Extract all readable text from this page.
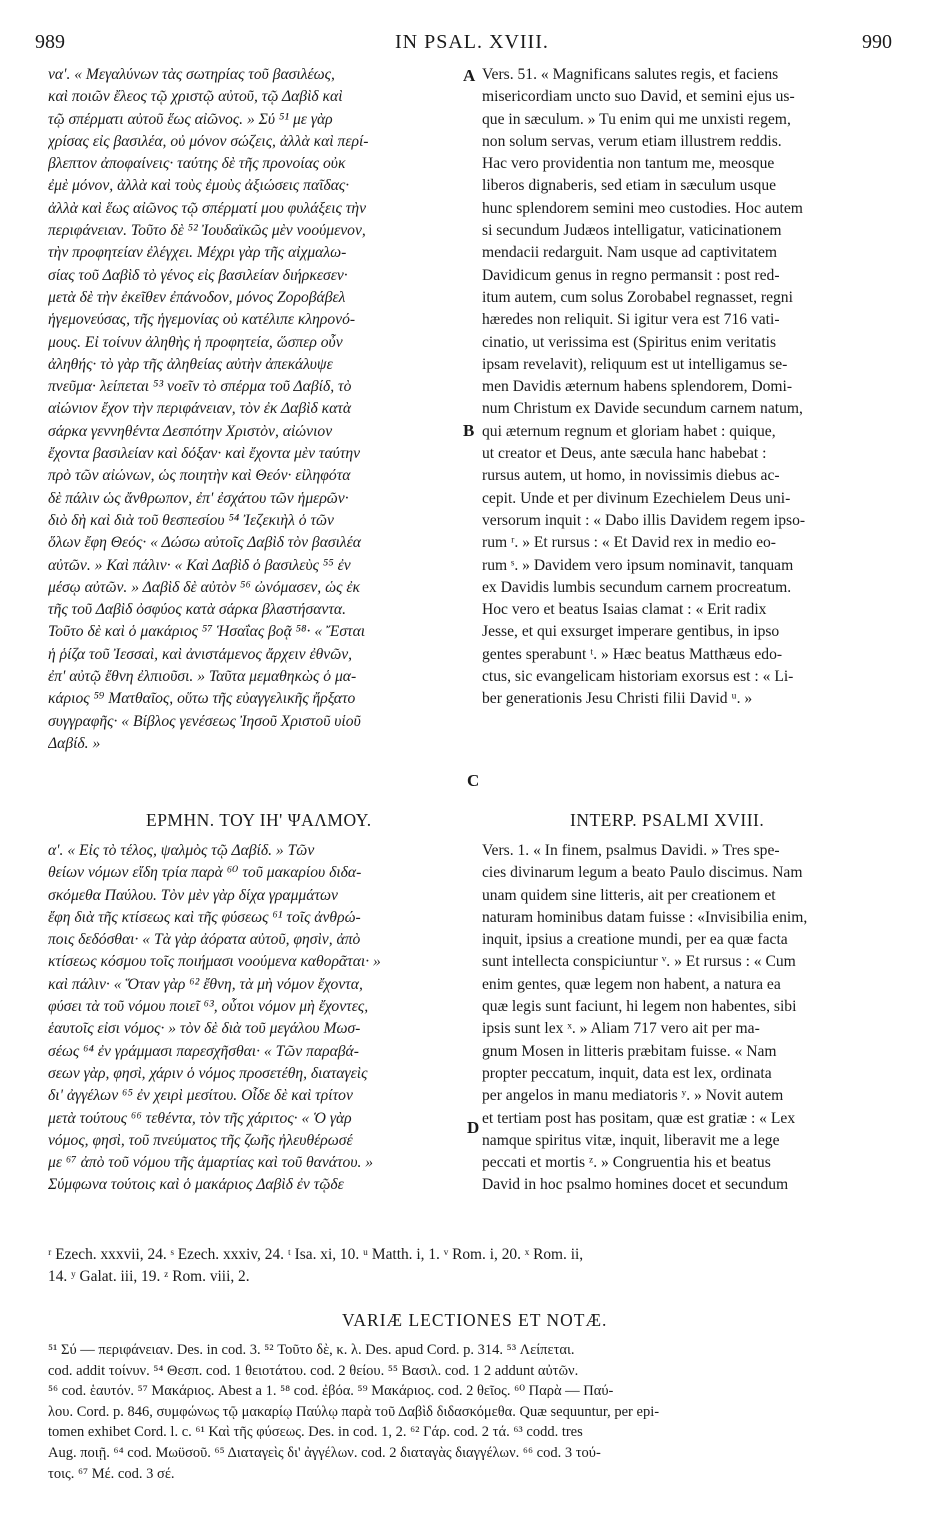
989	IN PSAL. XVIII.	990
A
B
C
D
να'. « Μεγαλύνων τὰς σωτηρίας τοῦ βασιλέως,
καὶ ποιῶν ἔλεος τῷ χριστῷ αὐτοῦ, τῷ Δαβὶδ καὶ
τῷ σπέρματι αὐτοῦ ἕως αἰῶνος. » Σύ ⁵¹ με γὰρ
χρίσας εἰς βασιλέα, οὐ μόνον σώζεις, ἀλλὰ καὶ περί-
βλεπτον ἀποφαίνεις· ταύτης δὲ τῆς προνοίας οὐκ
ἐμὲ μόνον, ἀλλὰ καὶ τοὺς ἐμοὺς ἀξιώσεις παῖδας·
ἀλλὰ καὶ ἕως αἰῶνος τῷ σπέρματί μου φυλάξεις τὴν
περιφάνειαν. Τοῦτο δὲ ⁵² Ἰουδαϊκῶς μὲν νοούμενον,
τὴν προφητείαν ἐλέγχει. Μέχρι γὰρ τῆς αἰχμαλω-
σίας τοῦ Δαβὶδ τὸ γένος εἰς βασιλείαν διήρκεσεν·
μετὰ δὲ τὴν ἐκεῖθεν ἐπάνοδον, μόνος Ζοροβάβελ
ἡγεμονεύσας, τῆς ἡγεμονίας οὐ κατέλιπε κληρονό-
μους. Εἰ τοίνυν ἀληθὴς ἡ προφητεία, ὥσπερ οὖν
ἀληθής· τὸ γὰρ τῆς ἀληθείας αὐτὴν ἀπεκάλυψε
πνεῦμα· λείπεται ⁵³ νοεῖν τὸ σπέρμα τοῦ Δαβίδ, τὸ
αἰώνιον ἔχον τὴν περιφάνειαν, τὸν ἐκ Δαβὶδ κατὰ
σάρκα γεννηθέντα Δεσπότην Χριστὸν, αἰώνιον
ἔχοντα βασιλείαν καὶ δόξαν· καὶ ἔχοντα μὲν ταύτην
πρὸ τῶν αἰώνων, ὡς ποιητὴν καὶ Θεόν· εἰληφότα
δὲ πάλιν ὡς ἄνθρωπον, ἐπ' ἐσχάτου τῶν ἡμερῶν·
διὸ δὴ καὶ διὰ τοῦ θεσπεσίου ⁵⁴ Ἰεζεκιὴλ ὁ τῶν
ὅλων ἔφη Θεός· « Δώσω αὐτοῖς Δαβὶδ τὸν βασιλέα
αὐτῶν. » Καὶ πάλιν· « Καὶ Δαβὶδ ὁ βασιλεὺς ⁵⁵ ἐν
μέσῳ αὐτῶν. » Δαβὶδ δὲ αὐτὸν ⁵⁶ ὠνόμασεν, ὡς ἐκ
τῆς τοῦ Δαβὶδ ὀσφύος κατὰ σάρκα βλαστήσαντα.
Τοῦτο δὲ καὶ ὁ μακάριος ⁵⁷ Ἡσαΐας βοᾷ ⁵⁸· « Ἔσται
ἡ ῥίζα τοῦ Ἰεσσαὶ, καὶ ἀνιστάμενος ἄρχειν ἐθνῶν,
ἐπ' αὐτῷ ἔθνη ἐλπιοῦσι. » Ταῦτα μεμαθηκὼς ὁ μα-
κάριος ⁵⁹ Ματθαῖος, οὕτω τῆς εὐαγγελικῆς ἤρξατο
συγγραφῆς· « Βίβλος γενέσεως Ἰησοῦ Χριστοῦ υἱοῦ
Δαβίδ. »
Vers. 51. « Magnificans salutes regis, et faciens
misericordiam uncto suo David, et semini ejus us-
que in sæculum. » Tu enim qui me unxisti regem,
non solum servas, verum etiam illustrem reddis.
Hac vero providentia non tantum me, meosque
liberos dignaberis, sed etiam in sæculum usque
hunc splendorem semini meo custodies. Hoc autem
si secundum Judæos intelligatur, vaticinationem
mendacii redarguit. Nam usque ad captivitatem
Davidicum genus in regno permansit : post red-
itum autem, cum solus Zorobabel regnasset, regni
hæredes non reliquit. Si igitur vera est 716 vati-
cinatio, ut verissima est (Spiritus enim veritatis
ipsam revelavit), reliquum est ut intelligamus se-
men Davidis æternum habens splendorem, Domi-
num Christum ex Davide secundum carnem natum,
qui æternum regnum et gloriam habet : quique,
ut creator et Deus, ante sæcula hanc habebat :
rursus autem, ut homo, in novissimis diebus ac-
cepit. Unde et per divinum Ezechielem Deus uni-
versorum inquit : « Dabo illis Davidem regem ipso-
rum ʳ. » Et rursus : « Et David rex in medio eo-
rum ˢ. » Davidem vero ipsum nominavit, tanquam
ex Davidis lumbis secundum carnem procreatum.
Hoc vero et beatus Isaias clamat : « Erit radix
Jesse, et qui exsurget imperare gentibus, in ipso
gentes sperabunt ᵗ. » Hæc beatus Matthæus edo-
ctus, sic evangelicam historiam exorsus est : « Li-
ber generationis Jesu Christi filii David ᵘ. »
ΕΡΜΗΝ. ΤΟΥ ΙΗ' ΨΑΛΜΟΥ.	INTERP. PSALMI XVIII.
α'. « Εἰς τὸ τέλος, ψαλμὸς τῷ Δαβίδ. » Τῶν
θείων νόμων εἴδη τρία παρὰ ⁶⁰ τοῦ μακαρίου διδα-
σκόμεθα Παύλου. Τὸν μὲν γὰρ δίχα γραμμάτων
ἔφη διὰ τῆς κτίσεως καὶ τῆς φύσεως ⁶¹ τοῖς ἀνθρώ-
ποις δεδόσθαι· « Τὰ γὰρ ἀόρατα αὐτοῦ, φησὶν, ἀπὸ
κτίσεως κόσμου τοῖς ποιήμασι νοούμενα καθορᾶται· »
καὶ πάλιν· « Ὅταν γὰρ ⁶² ἔθνη, τὰ μὴ νόμον ἔχοντα,
φύσει τὰ τοῦ νόμου ποιεῖ ⁶³, οὗτοι νόμον μὴ ἔχοντες,
ἑαυτοῖς εἰσι νόμος· » τὸν δὲ διὰ τοῦ μεγάλου Μωσ-
σέως ⁶⁴ ἐν γράμμασι παρεσχῆσθαι· « Τῶν παραβά-
σεων γὰρ, φησὶ, χάριν ὁ νόμος προσετέθη, διαταγεὶς
δι' ἀγγέλων ⁶⁵ ἐν χειρὶ μεσίτου. Οἶδε δὲ καὶ τρίτον
μετὰ τούτους ⁶⁶ τεθέντα, τὸν τῆς χάριτος· « Ὁ γὰρ
νόμος, φησὶ, τοῦ πνεύματος τῆς ζωῆς ἠλευθέρωσέ
με ⁶⁷ ἀπὸ τοῦ νόμου τῆς ἁμαρτίας καὶ τοῦ θανάτου. »
Σύμφωνα τούτοις καὶ ὁ μακάριος Δαβὶδ ἐν τῷδε
Vers. 1. « In finem, psalmus Davidi. » Tres spe-
cies divinarum legum a beato Paulo discimus. Nam
unam quidem sine litteris, ait per creationem et
naturam hominibus datam fuisse : «Invisibilia enim,
inquit, ipsius a creatione mundi, per ea quæ facta
sunt intellecta conspiciuntur ᵛ. » Et rursus : « Cum
enim gentes, quæ legem non habent, a natura ea
quæ legis sunt faciunt, hi legem non habentes, sibi
ipsis sunt lex ˣ. » Aliam 717 vero ait per ma-
gnum Mosen in litteris præbitam fuisse. « Nam
propter peccatum, inquit, data est lex, ordinata
per angelos in manu mediatoris ʸ. » Novit autem
et tertiam post has positam, quæ est gratiæ : « Lex
namque spiritus vitæ, inquit, liberavit me a lege
peccati et mortis ᶻ. » Congruentia his et beatus
David in hoc psalmo homines docet et secundum
ʳ Ezech. xxxvii, 24. ˢ Ezech. xxxiv, 24. ᵗ Isa. xi, 10. ᵘ Matth. i, 1. ᵛ Rom. i, 20. ˣ Rom. ii,
14. ʸ Galat. iii, 19. ᶻ Rom. viii, 2.
VARIÆ LECTIONES ET NOTÆ.
⁵¹ Σύ — περιφάνειαν. Des. in cod. 3. ⁵² Τοῦτο δὲ, κ. λ. Des. apud Cord. p. 314. ⁵³ Λείπεται.
cod. addit τοίνυν. ⁵⁴ Θεσπ. cod. 1 θειοτάτου. cod. 2 θείου. ⁵⁵ Βασιλ. cod. 1 2 addunt αὐτῶν.
⁵⁶ cod. ἑαυτόν. ⁵⁷ Μακάριος. Abest a 1. ⁵⁸ cod. ἐβόα. ⁵⁹ Μακάριος. cod. 2 θεῖος. ⁶⁰ Παρὰ — Παύ-
λου. Cord. p. 846, συμφώνως τῷ μακαρίῳ Παύλῳ παρὰ τοῦ Δαβὶδ διδασκόμεθα. Quæ sequuntur, per epi-
tomen exhibet Cord. l. c. ⁶¹ Καὶ τῆς φύσεως. Des. in cod. 1, 2. ⁶² Γάρ. cod. 2 τά. ⁶³ codd. tres
Aug. ποιῇ. ⁶⁴ cod. Μωϋσοῦ. ⁶⁵ Διαταγεὶς δι' ἀγγέλων. cod. 2 διαταγὰς διαγγέλων. ⁶⁶ cod. 3 τού-
τοις. ⁶⁷ Μέ. cod. 3 σέ.
